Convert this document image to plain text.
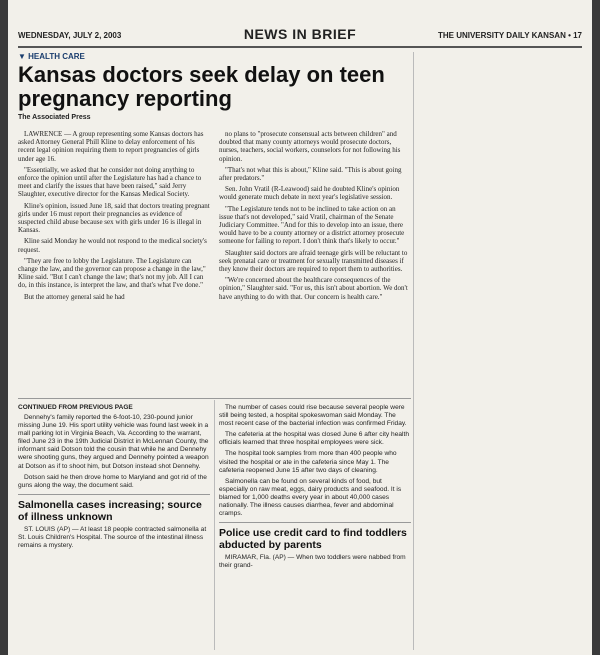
WEDNESDAY, JULY 2, 2003	NEWS IN BRIEF	THE UNIVERSITY DAILY KANSAN • 17
▼ HEALTH CARE
Kansas doctors seek delay on teen pregnancy reporting
The Associated Press

LAWRENCE — A group representing some Kansas doctors has asked Attorney General Phill Kline to delay enforcement of his recent legal opinion requiring them to report pregnancies of girls under age 16.

"Essentially, we asked that he consider not doing anything to enforce the opinion until after the Legislature has had a chance to meet and clarify the issues that have been raised," said Jerry Slaughter, executive director for the Kansas Medical Society.

Kline's opinion, issued June 18, said that doctors treating pregnant girls under 16 must report their pregnancies as evidence of suspected child abuse because sex with girls under 16 is illegal in Kansas.

Kline said Monday he would not respond to the medical society's request.

"They are free to lobby the Legislature. The Legislature can change the law, and the governor can propose a change in the law," Kline said. "But I can't change the law; that's not my job. All I can do, in this instance, is interpret the law, and that's what I've done."

But the attorney general said he had

no plans to "prosecute consensual acts between children" and doubted that many county attorneys would prosecute doctors, nurses, teachers, social workers, counselors for not following his opinion.

"That's not what this is about," Kline said. "This is about going after predators."

Sen. John Vratil (R-Leawood) said he doubted Kline's opinion would generate much debate in next year's legislative session.

"The Legislature tends not to be inclined to take action on an issue that's not developed," said Vratil, chairman of the Senate Judiciary Committee. "And for this to develop into an issue, there would have to be a county attorney or a district attorney prosecute someone for failing to report. I don't think that's likely to occur."

Slaughter said doctors are afraid teenage girls will be reluctant to seek prenatal care or treatment for sexually transmitted diseases if they know their doctors are required to report them to authorities.

"We're concerned about the healthcare consequences of the opinion," Slaughter said. "For us, this isn't about abortion. We don't have anything to do with that. Our concern is health care."

CONTINUED FROM PREVIOUS PAGE

Dennehy's family reported the 6-foot-10, 230-pound junior missing June 19. His sport utility vehicle was found last week in a mall parking lot in Virginia Beach, Va. According to the warrant, filed June 23 in the 19th Judicial District in McLennan County, the informant said Dotson told the cousin that while he and Dennehy were shooting guns, they argued and Dennehy pointed a weapon at Dotson as if to shoot him, but Dotson instead shot Dennehy.

Dotson said he then drove home to Maryland and got rid of the guns along the way, the document said.

Salmonella cases increasing; source of illness unknown

ST. LOUIS (AP) — At least 18 people contracted salmonella at St. Louis Children's Hospital. The source of the intestinal illness remains a mystery.

The number of cases could rise because several people were still being tested, a hospital spokeswoman said Monday. The most recent case of the bacterial infection was confirmed Friday.

The cafeteria at the hospital was closed June 6 after city health officials learned that three hospital employees were sick.

The hospital took samples from more than 400 people who visited the hospital or ate in the cafeteria since May 1. The cafeteria reopened June 15 after two days of cleaning.

Salmonella can be found on several kinds of food, but especially on raw meat, eggs, dairy products and seafood. It is blamed for 1,000 deaths every year in about 40,000 cases nationally. The illness causes diarrhea, fever and abdominal cramps.

Police use credit card to find toddlers abducted by parents

MIRAMAR, Fla. (AP) — When two toddlers were nabbed from their grand-
